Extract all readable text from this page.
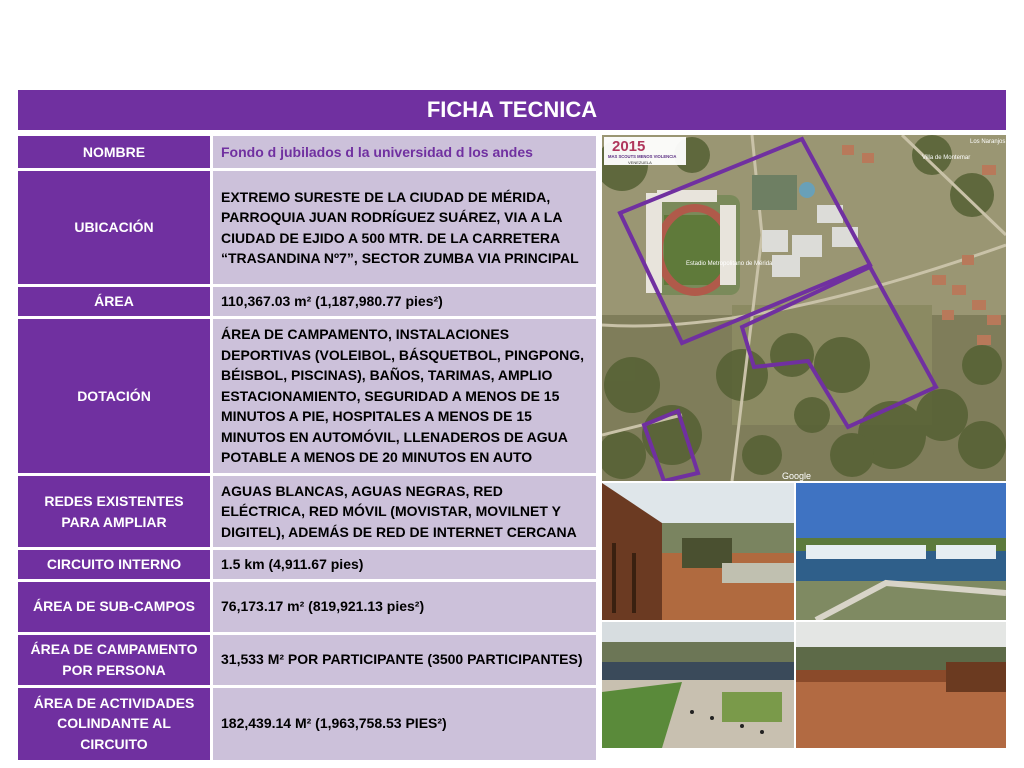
FICHA TECNICA
NOMBRE	Fondo d jubilados d la universidad d los andes
UBICACIÓN	EXTREMO SURESTE DE LA CIUDAD DE MÉRIDA, PARROQUIA JUAN RODRÍGUEZ SUÁREZ, VIA A LA CIUDAD DE EJIDO A 500 MTR. DE LA CARRETERA “TRASANDINA Nº7”, SECTOR ZUMBA VIA PRINCIPAL
ÁREA	110,367.03 m² (1,187,980.77 pies²)
DOTACIÓN	ÁREA DE CAMPAMENTO, INSTALACIONES DEPORTIVAS (VOLEIBOL, BÁSQUETBOL, PINGPONG, BÉISBOL, PISCINAS), BAÑOS, TARIMAS, AMPLIO ESTACIONAMIENTO, SEGURIDAD A MENOS DE 15 MINUTOS A PIE, HOSPITALES A MENOS DE 15 MINUTOS EN AUTOMÓVIL, LLENADEROS DE AGUA POTABLE A MENOS DE 20 MINUTOS EN AUTO
REDES EXISTENTES PARA AMPLIAR	AGUAS BLANCAS, AGUAS NEGRAS, RED ELÉCTRICA, RED MÓVIL (MOVISTAR, MOVILNET Y DIGITEL), ADEMÁS DE RED DE INTERNET CERCANA
CIRCUITO INTERNO	1.5 km (4,911.67 pies)
ÁREA DE SUB-CAMPOS	76,173.17 m² (819,921.13 pies²)
ÁREA DE CAMPAMENTO POR PERSONA	31,533 M² POR PARTICIPANTE (3500 PARTICIPANTES)
ÁREA DE ACTIVIDADES COLINDANTE AL CIRCUITO	182,439.14 M² (1,963,758.53 PIES²)
Estadio Metropolitano de Mérida
Villa de Montemar
Los Naranjos
Google
2015
MAS SCOUTS MENOS VIOLENCIA
VENEZUELA
